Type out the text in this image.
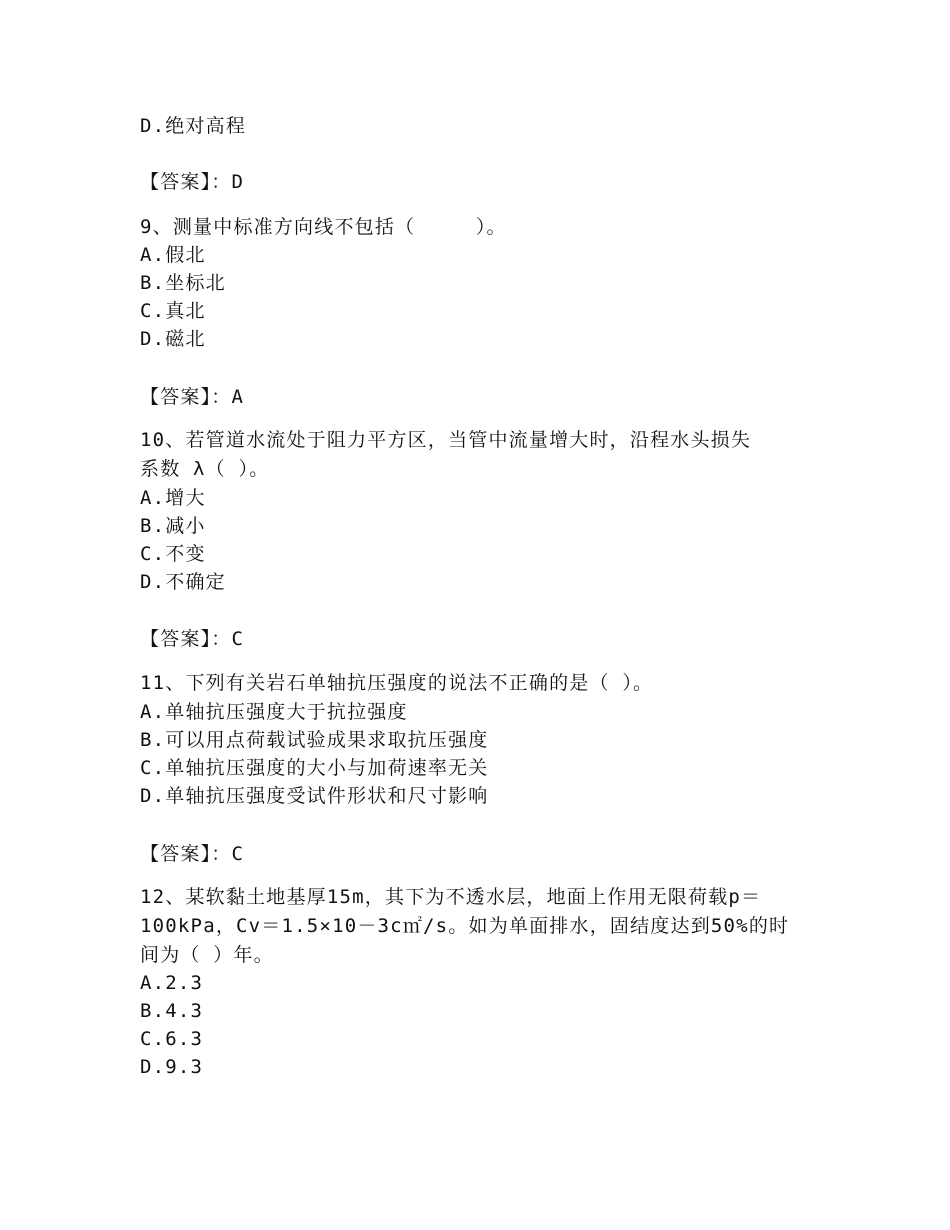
D.绝对高程
【答案】：D
9、测量中标准方向线不包括（　　　）。
A.假北
B.坐标北
C.真北
D.磁北
【答案】：A
10、若管道水流处于阻力平方区，当管中流量增大时，沿程水头损失
系数 λ（ ）。
A.增大
B.减小
C.不变
D.不确定
【答案】：C
11、下列有关岩石单轴抗压强度的说法不正确的是（ ）。
A.单轴抗压强度大于抗拉强度
B.可以用点荷载试验成果求取抗压强度
C.单轴抗压强度的大小与加荷速率无关
D.单轴抗压强度受试件形状和尺寸影响
【答案】：C
12、某软黏土地基厚15m，其下为不透水层，地面上作用无限荷载p＝
100kPa，Cv＝1.5×10－3c㎡/s。如为单面排水，固结度达到50%的时
间为（ ）年。
A.2.3
B.4.3
C.6.3
D.9.3
